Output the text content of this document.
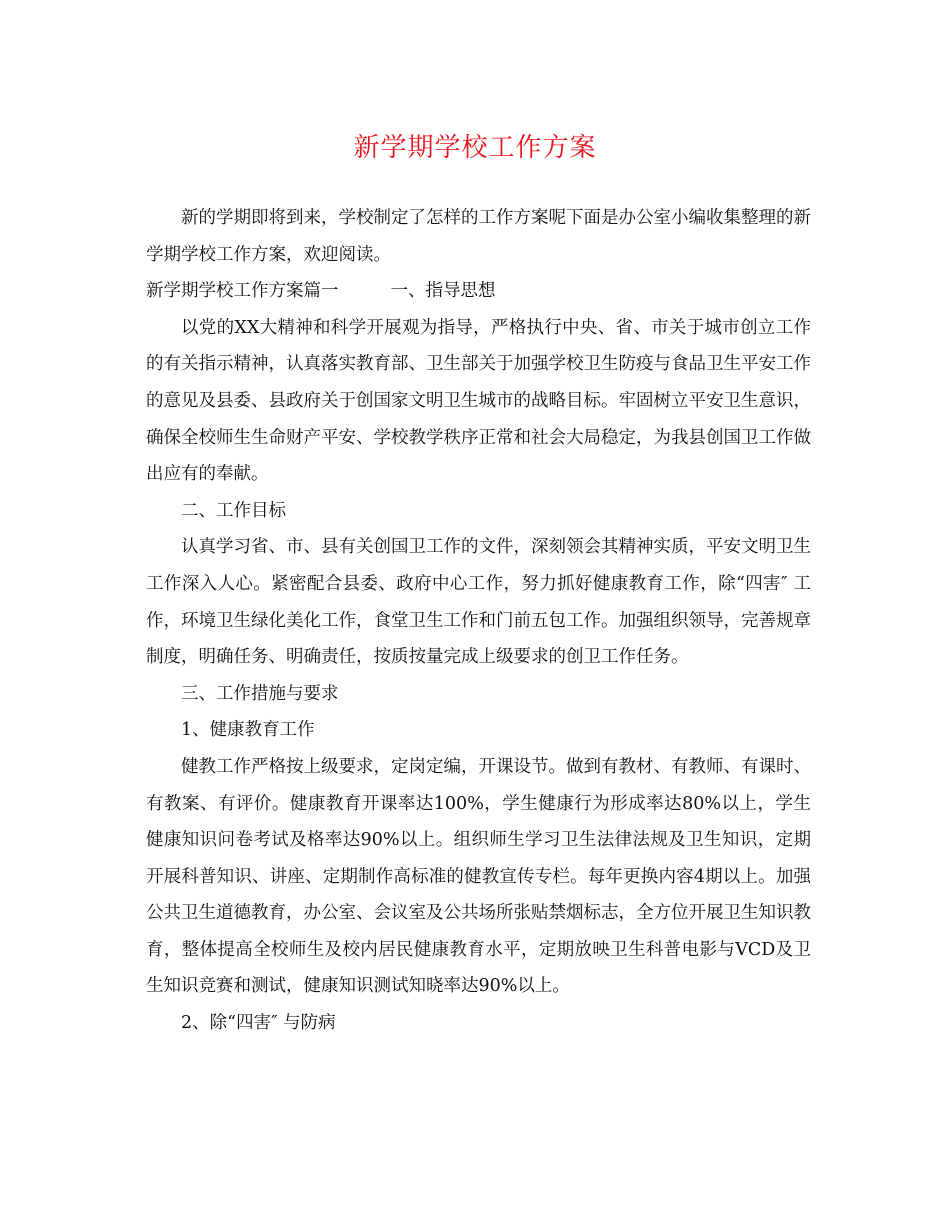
新学期学校工作方案

新的学期即将到来，学校制定了怎样的工作方案呢下面是办公室小编收集整理的新学期学校工作方案，欢迎阅读。

新学期学校工作方案篇一	一、指导思想

以党的XX大精神和科学开展观为指导，严格执行中央、省、市关于城市创立工作的有关指示精神，认真落实教育部、卫生部关于加强学校卫生防疫与食品卫生平安工作的意见及县委、县政府关于创国家文明卫生城市的战略目标。牢固树立平安卫生意识，确保全校师生生命财产平安、学校教学秩序正常和社会大局稳定，为我县创国卫工作做出应有的奉献。

二、工作目标

认真学习省、市、县有关创国卫工作的文件，深刻领会其精神实质，平安文明卫生工作深入人心。紧密配合县委、政府中心工作，努力抓好健康教育工作，除“四害″ 工作，环境卫生绿化美化工作，食堂卫生工作和门前五包工作。加强组织领导，完善规章制度，明确任务、明确责任，按质按量完成上级要求的创卫工作任务。

三、工作措施与要求

1、健康教育工作

健教工作严格按上级要求，定岗定编，开课设节。做到有教材、有教师、有课时、有教案、有评价。健康教育开课率达100%，学生健康行为形成率达80%以上，学生健康知识问卷考试及格率达90%以上。组织师生学习卫生法律法规及卫生知识，定期开展科普知识、讲座、定期制作高标准的健教宣传专栏。每年更换内容4期以上。加强公共卫生道德教育，办公室、会议室及公共场所张贴禁烟标志，全方位开展卫生知识教育，整体提高全校师生及校内居民健康教育水平，定期放映卫生科普电影与VCD及卫生知识竞赛和测试，健康知识测试知晓率达90%以上。

2、除“四害″ 与防病
